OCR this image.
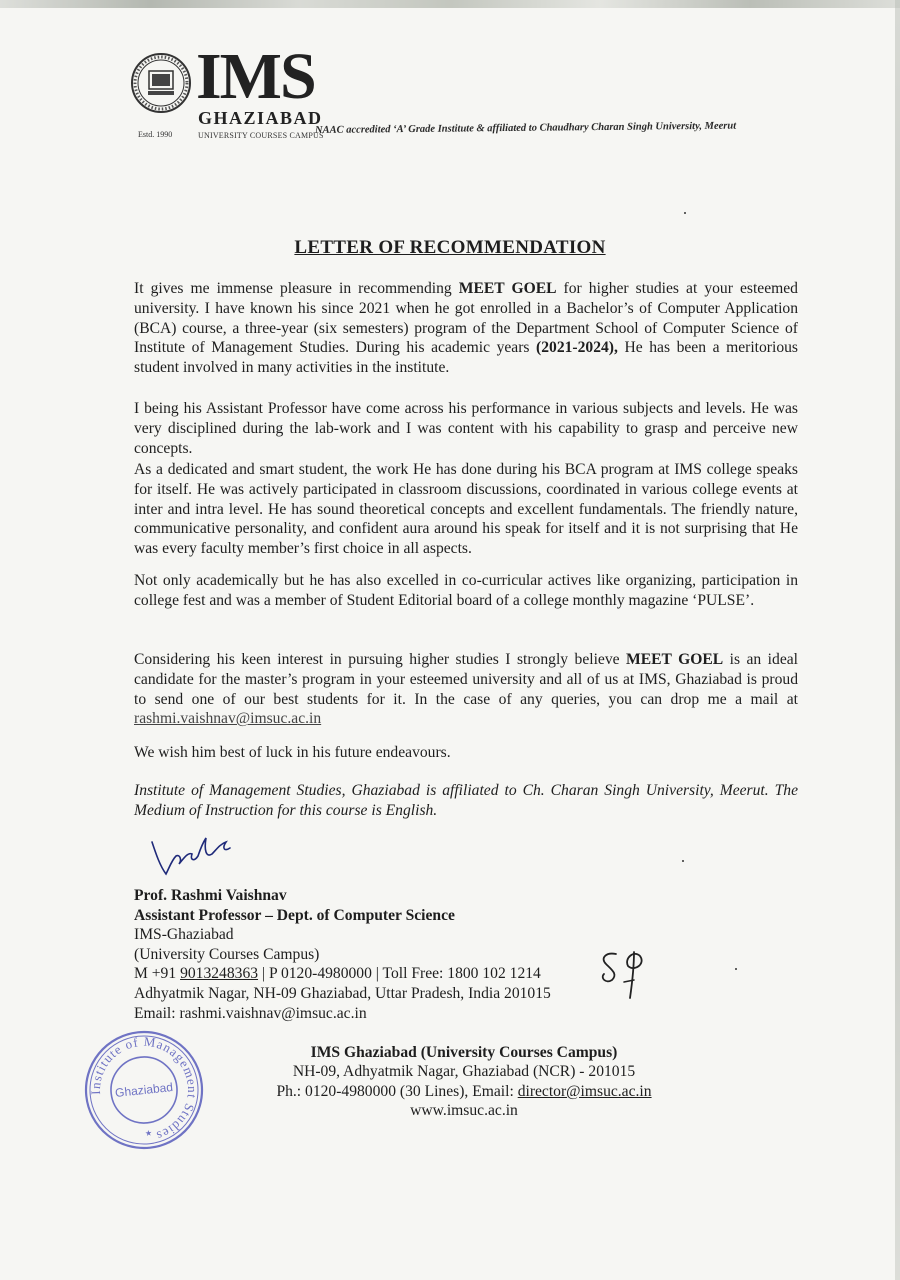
IMS
GHAZIABAD
Estd. 1990	UNIVERSITY COURSES CAMPUS
NAAC accredited ‘A’ Grade Institute & affiliated to Chaudhary Charan Singh University, Meerut
LETTER OF RECOMMENDATION

It gives me immense pleasure in recommending MEET GOEL for higher studies at your esteemed university. I have known his since 2021 when he got enrolled in a Bachelor’s of Computer Application (BCA) course, a three-year (six semesters) program of the Department School of Computer Science of Institute of Management Studies. During his academic years (2021-2024), He has been a meritorious student involved in many activities in the institute.

I being his Assistant Professor have come across his performance in various subjects and levels. He was very disciplined during the lab-work and I was content with his capability to grasp and perceive new concepts.

As a dedicated and smart student, the work He has done during his BCA program at IMS college speaks for itself. He was actively participated in classroom discussions, coordinated in various college events at inter and intra level. He has sound theoretical concepts and excellent fundamentals. The friendly nature, communicative personality, and confident aura around his speak for itself and it is not surprising that He was every faculty member’s first choice in all aspects.

Not only academically but he has also excelled in co-curricular actives like organizing, participation in college fest and was a member of Student Editorial board of a college monthly magazine ‘PULSE’.

Considering his keen interest in pursuing higher studies I strongly believe MEET GOEL is an ideal candidate for the master’s program in your esteemed university and all of us at IMS, Ghaziabad is proud to send one of our best students for it. In the case of any queries, you can drop me a mail at rashmi.vaishnav@imsuc.ac.in

We wish him best of luck in his future endeavours.

Institute of Management Studies, Ghaziabad is affiliated to Ch. Charan Singh University, Meerut. The Medium of Instruction for this course is English.

Prof. Rashmi Vaishnav
Assistant Professor – Dept. of Computer Science
IMS-Ghaziabad
(University Courses Campus)
M +91 9013248363 | P 0120-4980000 | Toll Free: 1800 102 1214
Adhyatmik Nagar, NH-09 Ghaziabad, Uttar Pradesh, India 201015
Email: rashmi.vaishnav@imsuc.ac.in
Institute of Management Studies
Ghaziabad
★
IMS Ghaziabad (University Courses Campus)
NH-09, Adhyatmik Nagar, Ghaziabad (NCR) - 201015
Ph.: 0120-4980000 (30 Lines), Email: director@imsuc.ac.in
www.imsuc.ac.in
